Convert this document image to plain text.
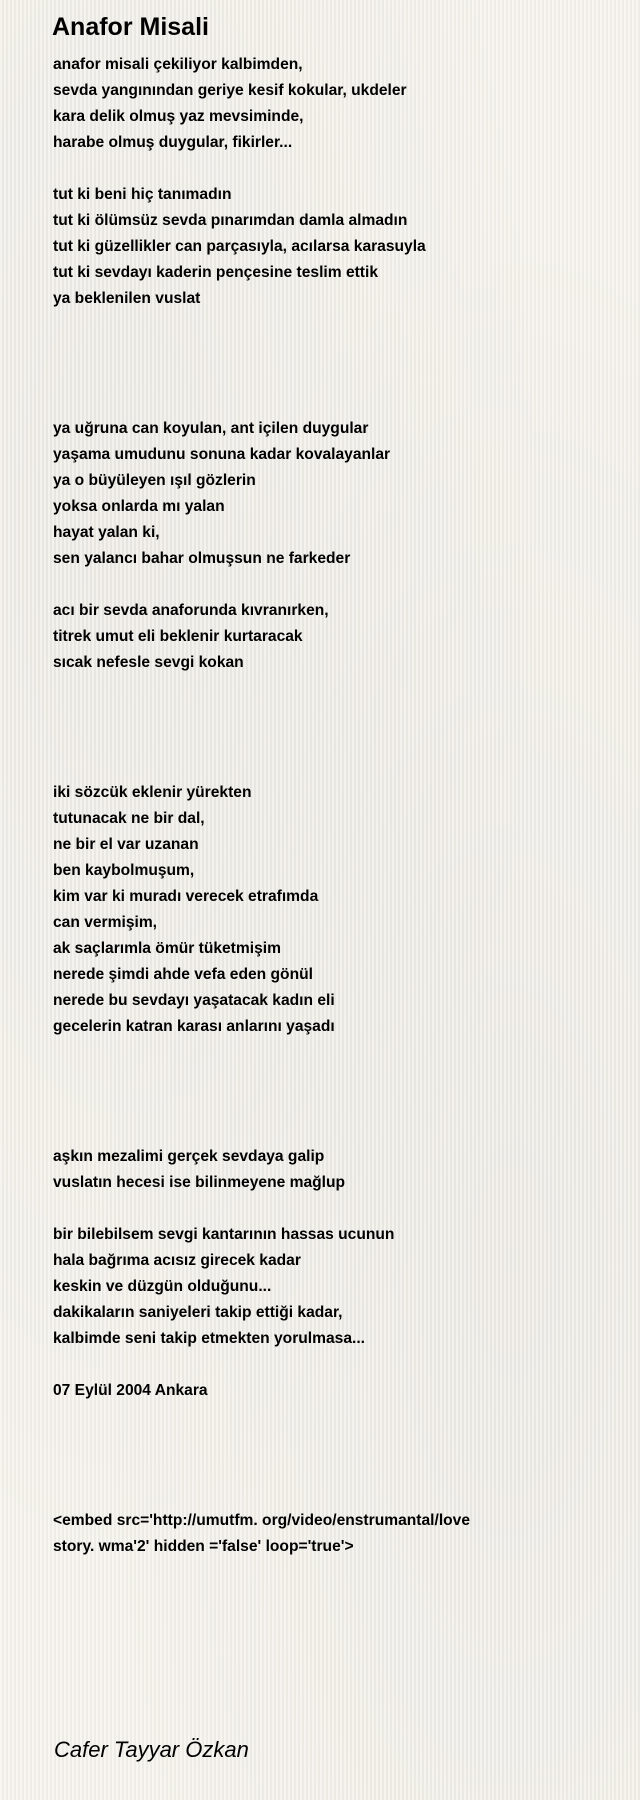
Anafor Misali
anafor misali çekiliyor kalbimden,
sevda yangınından geriye kesif kokular, ukdeler
kara delik olmuş yaz mevsiminde,
harabe olmuş duygular, fikirler...
tut ki beni hiç tanımadın
tut ki ölümsüz sevda pınarımdan damla almadın
tut ki güzellikler can parçasıyla, acılarsa karasuyla
tut ki sevdayı kaderin pençesine teslim ettik
ya beklenilen vuslat
ya uğruna can koyulan, ant içilen duygular
yaşama umudunu sonuna kadar kovalayanlar
ya o büyüleyen ışıl gözlerin
yoksa onlarda mı yalan
hayat yalan ki,
sen yalancı bahar olmuşsun ne farkeder
acı bir sevda anaforunda kıvranırken,
titrek umut eli beklenir kurtaracak
sıcak nefesle sevgi kokan
iki sözcük eklenir yürekten
tutunacak ne bir dal,
ne bir el var uzanan
ben kaybolmuşum,
kim var ki muradı verecek etrafımda
can vermişim,
ak saçlarımla ömür tüketmişim
nerede şimdi ahde vefa eden gönül
nerede bu sevdayı yaşatacak kadın eli
gecelerin katran karası anlarını yaşadı
aşkın mezalimi gerçek sevdaya galip
vuslatın hecesi ise bilinmeyene mağlup
bir bilebilsem sevgi kantarının hassas ucunun
hala bağrıma acısız girecek kadar
keskin ve düzgün olduğunu...
dakikaların saniyeleri takip ettiği kadar,
kalbimde seni takip etmekten yorulmasa...
07 Eylül 2004 Ankara
<embed src='http://umutfm. org/video/enstrumantal/love
story. wma'2' hidden ='false' loop='true'>
Cafer Tayyar Özkan
